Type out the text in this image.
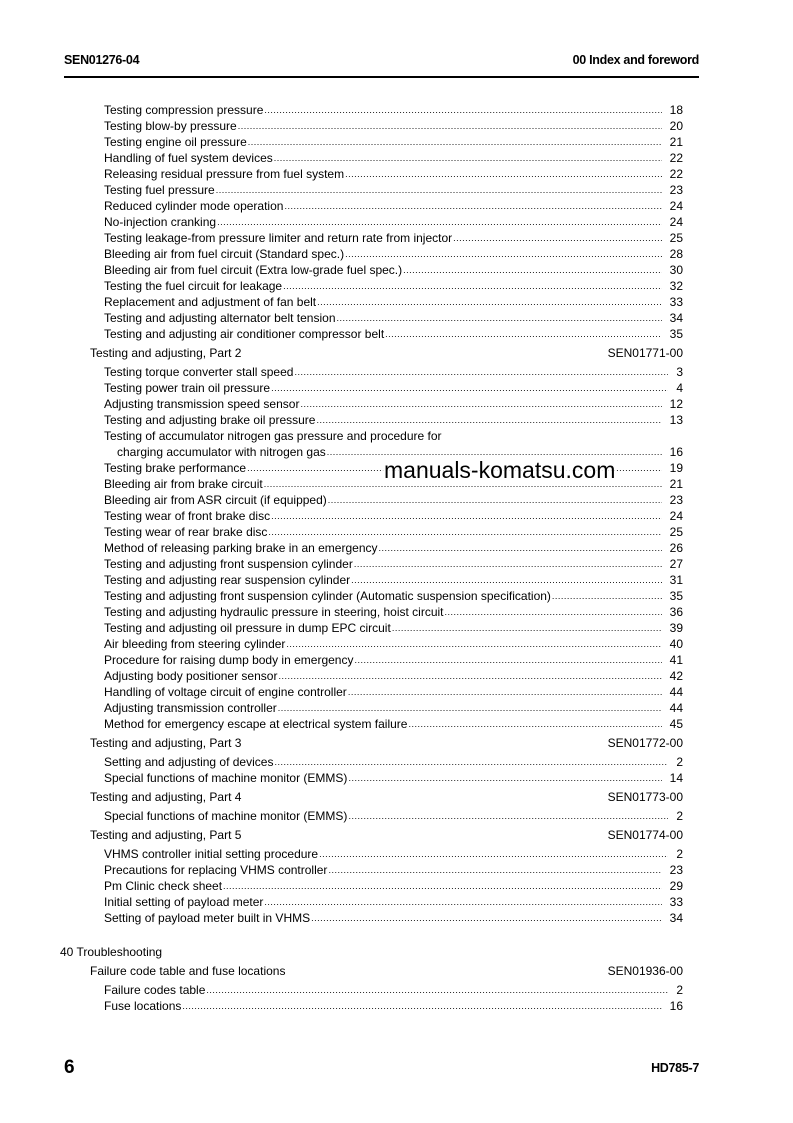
SEN01276-04	00 Index and foreword
Testing compression pressure .....	18
Testing blow-by pressure .....	20
Testing engine oil pressure .....	21
Handling of fuel system devices .....	22
Releasing residual pressure from fuel system .....	22
Testing fuel pressure .....	23
Reduced cylinder mode operation .....	24
No-injection cranking .....	24
Testing leakage-from pressure limiter and return rate from injector .....	25
Bleeding air from fuel circuit (Standard spec.) .....	28
Bleeding air from fuel circuit (Extra low-grade fuel spec.) .....	30
Testing the fuel circuit for leakage .....	32
Replacement and adjustment of fan belt .....	33
Testing and adjusting alternator belt tension .....	34
Testing and adjusting air conditioner compressor belt .....	35
Testing and adjusting, Part 2	SEN01771-00
Testing torque converter stall speed .....	3
Testing power train oil pressure .....	4
Adjusting transmission speed sensor .....	12
Testing and adjusting brake oil pressure .....	13
Testing of accumulator nitrogen gas pressure and procedure for
charging accumulator with nitrogen gas .....	16
Testing brake performance .....	19
Bleeding air from brake circuit .....	21
Bleeding air from ASR circuit (if equipped) .....	23
Testing wear of front brake disc .....	24
Testing wear of rear brake disc .....	25
Method of releasing parking brake in an emergency .....	26
Testing and adjusting front suspension cylinder .....	27
Testing and adjusting rear suspension cylinder .....	31
Testing and adjusting front suspension cylinder (Automatic suspension specification) .....	35
Testing and adjusting hydraulic pressure in steering, hoist circuit .....	36
Testing and adjusting oil pressure in dump EPC circuit .....	39
Air bleeding from steering cylinder .....	40
Procedure for raising dump body in emergency .....	41
Adjusting body positioner sensor .....	42
Handling of voltage circuit of engine controller .....	44
Adjusting transmission controller .....	44
Method for emergency escape at electrical system failure .....	45
Testing and adjusting, Part 3	SEN01772-00
Setting and adjusting of devices .....	2
Special functions of machine monitor (EMMS) .....	14
Testing and adjusting, Part 4	SEN01773-00
Special functions of machine monitor (EMMS) .....	2
Testing and adjusting, Part 5	SEN01774-00
VHMS controller initial setting procedure .....	2
Precautions for replacing VHMS controller .....	23
Pm Clinic check sheet .....	29
Initial setting of payload meter .....	33
Setting of payload meter built in VHMS .....	34
40 Troubleshooting
Failure code table and fuse locations	SEN01936-00
Failure codes table .....	2
Fuse locations .....	16
manuals-komatsu.com
6	HD785-7
